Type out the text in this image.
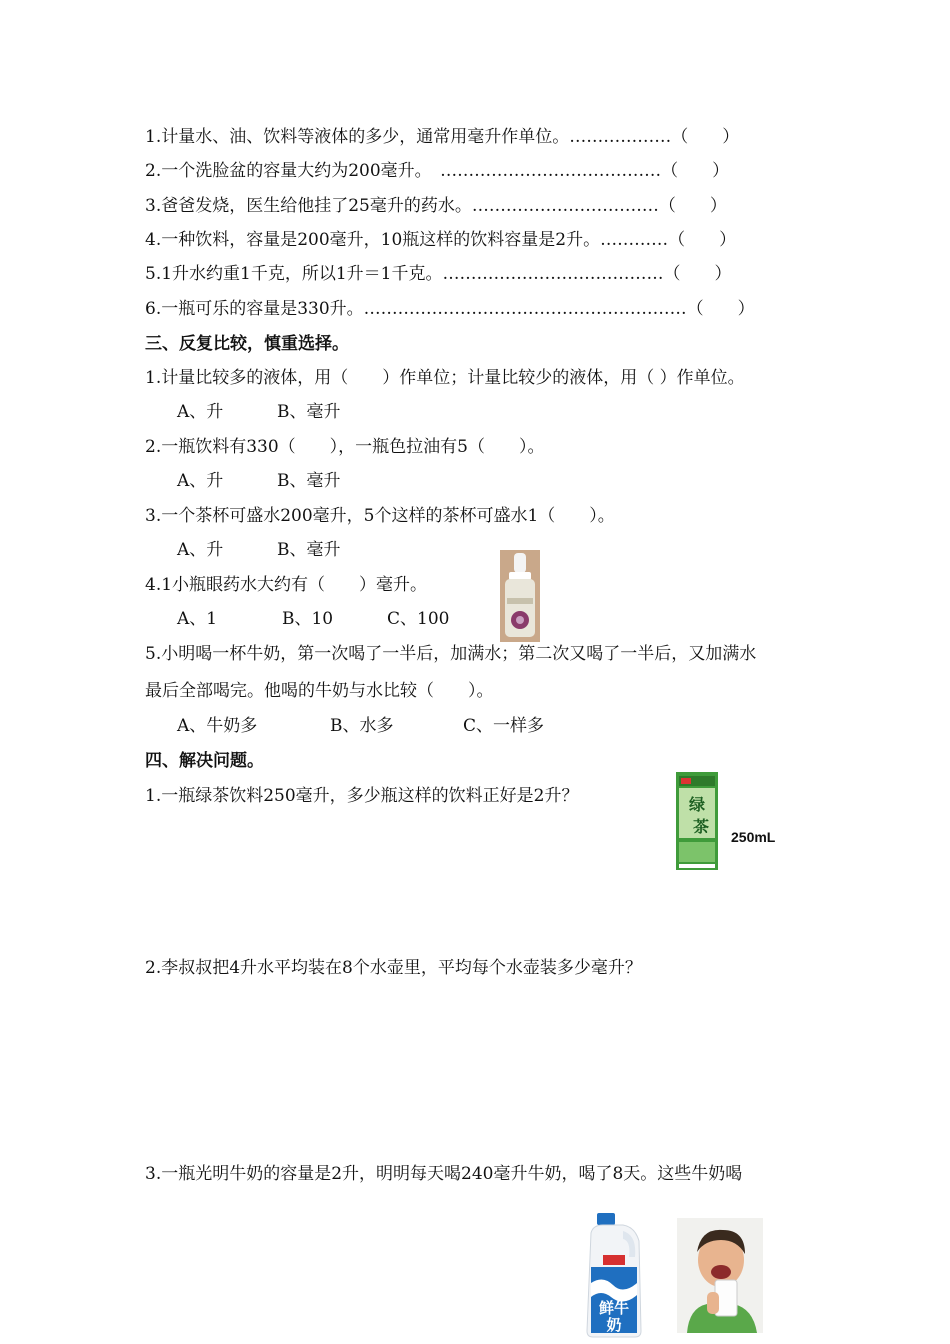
1.计量水、油、饮料等液体的多少，通常用毫升作单位。………………（　　）
2.一个洗脸盆的容量大约为200毫升。　…………………………………（　　）
3.爸爸发烧，医生给他挂了25毫升的药水。……………………………（　　）
4.一种饮料，容量是200毫升，10瓶这样的饮料容量是2升。…………（　　）
5.1升水约重1千克，所以1升＝1千克。…………………………………（　　）
6.一瓶可乐的容量是330升。…………………………………………………（　　）
三、反复比较，慎重选择。
1.计量比较多的液体，用（　　）作单位；计量比较少的液体，用（ ）作单位。
A、升	B、毫升
2.一瓶饮料有330（　　），一瓶色拉油有5（　　）。
A、升	B、毫升
3.一个茶杯可盛水200毫升，5个这样的茶杯可盛水1（　　）。
A、升	B、毫升
4.1小瓶眼药水大约有（　　）毫升。
A、1	B、10	C、100
5.小明喝一杯牛奶，第一次喝了一半后，加满水；第二次又喝了一半后，又加满水
最后全部喝完。他喝的牛奶与水比较（　　）。
A、牛奶多	B、水多	C、一样多
四、解决问题。
1.一瓶绿茶饮料250毫升，多少瓶这样的饮料正好是2升？	绿
茶
250mL
2.李叔叔把4升水平均装在8个水壶里，平均每个水壶装多少毫升？
3.一瓶光明牛奶的容量是2升，明明每天喝240毫升牛奶，喝了8天。这些牛奶喝
鲜牛
奶
